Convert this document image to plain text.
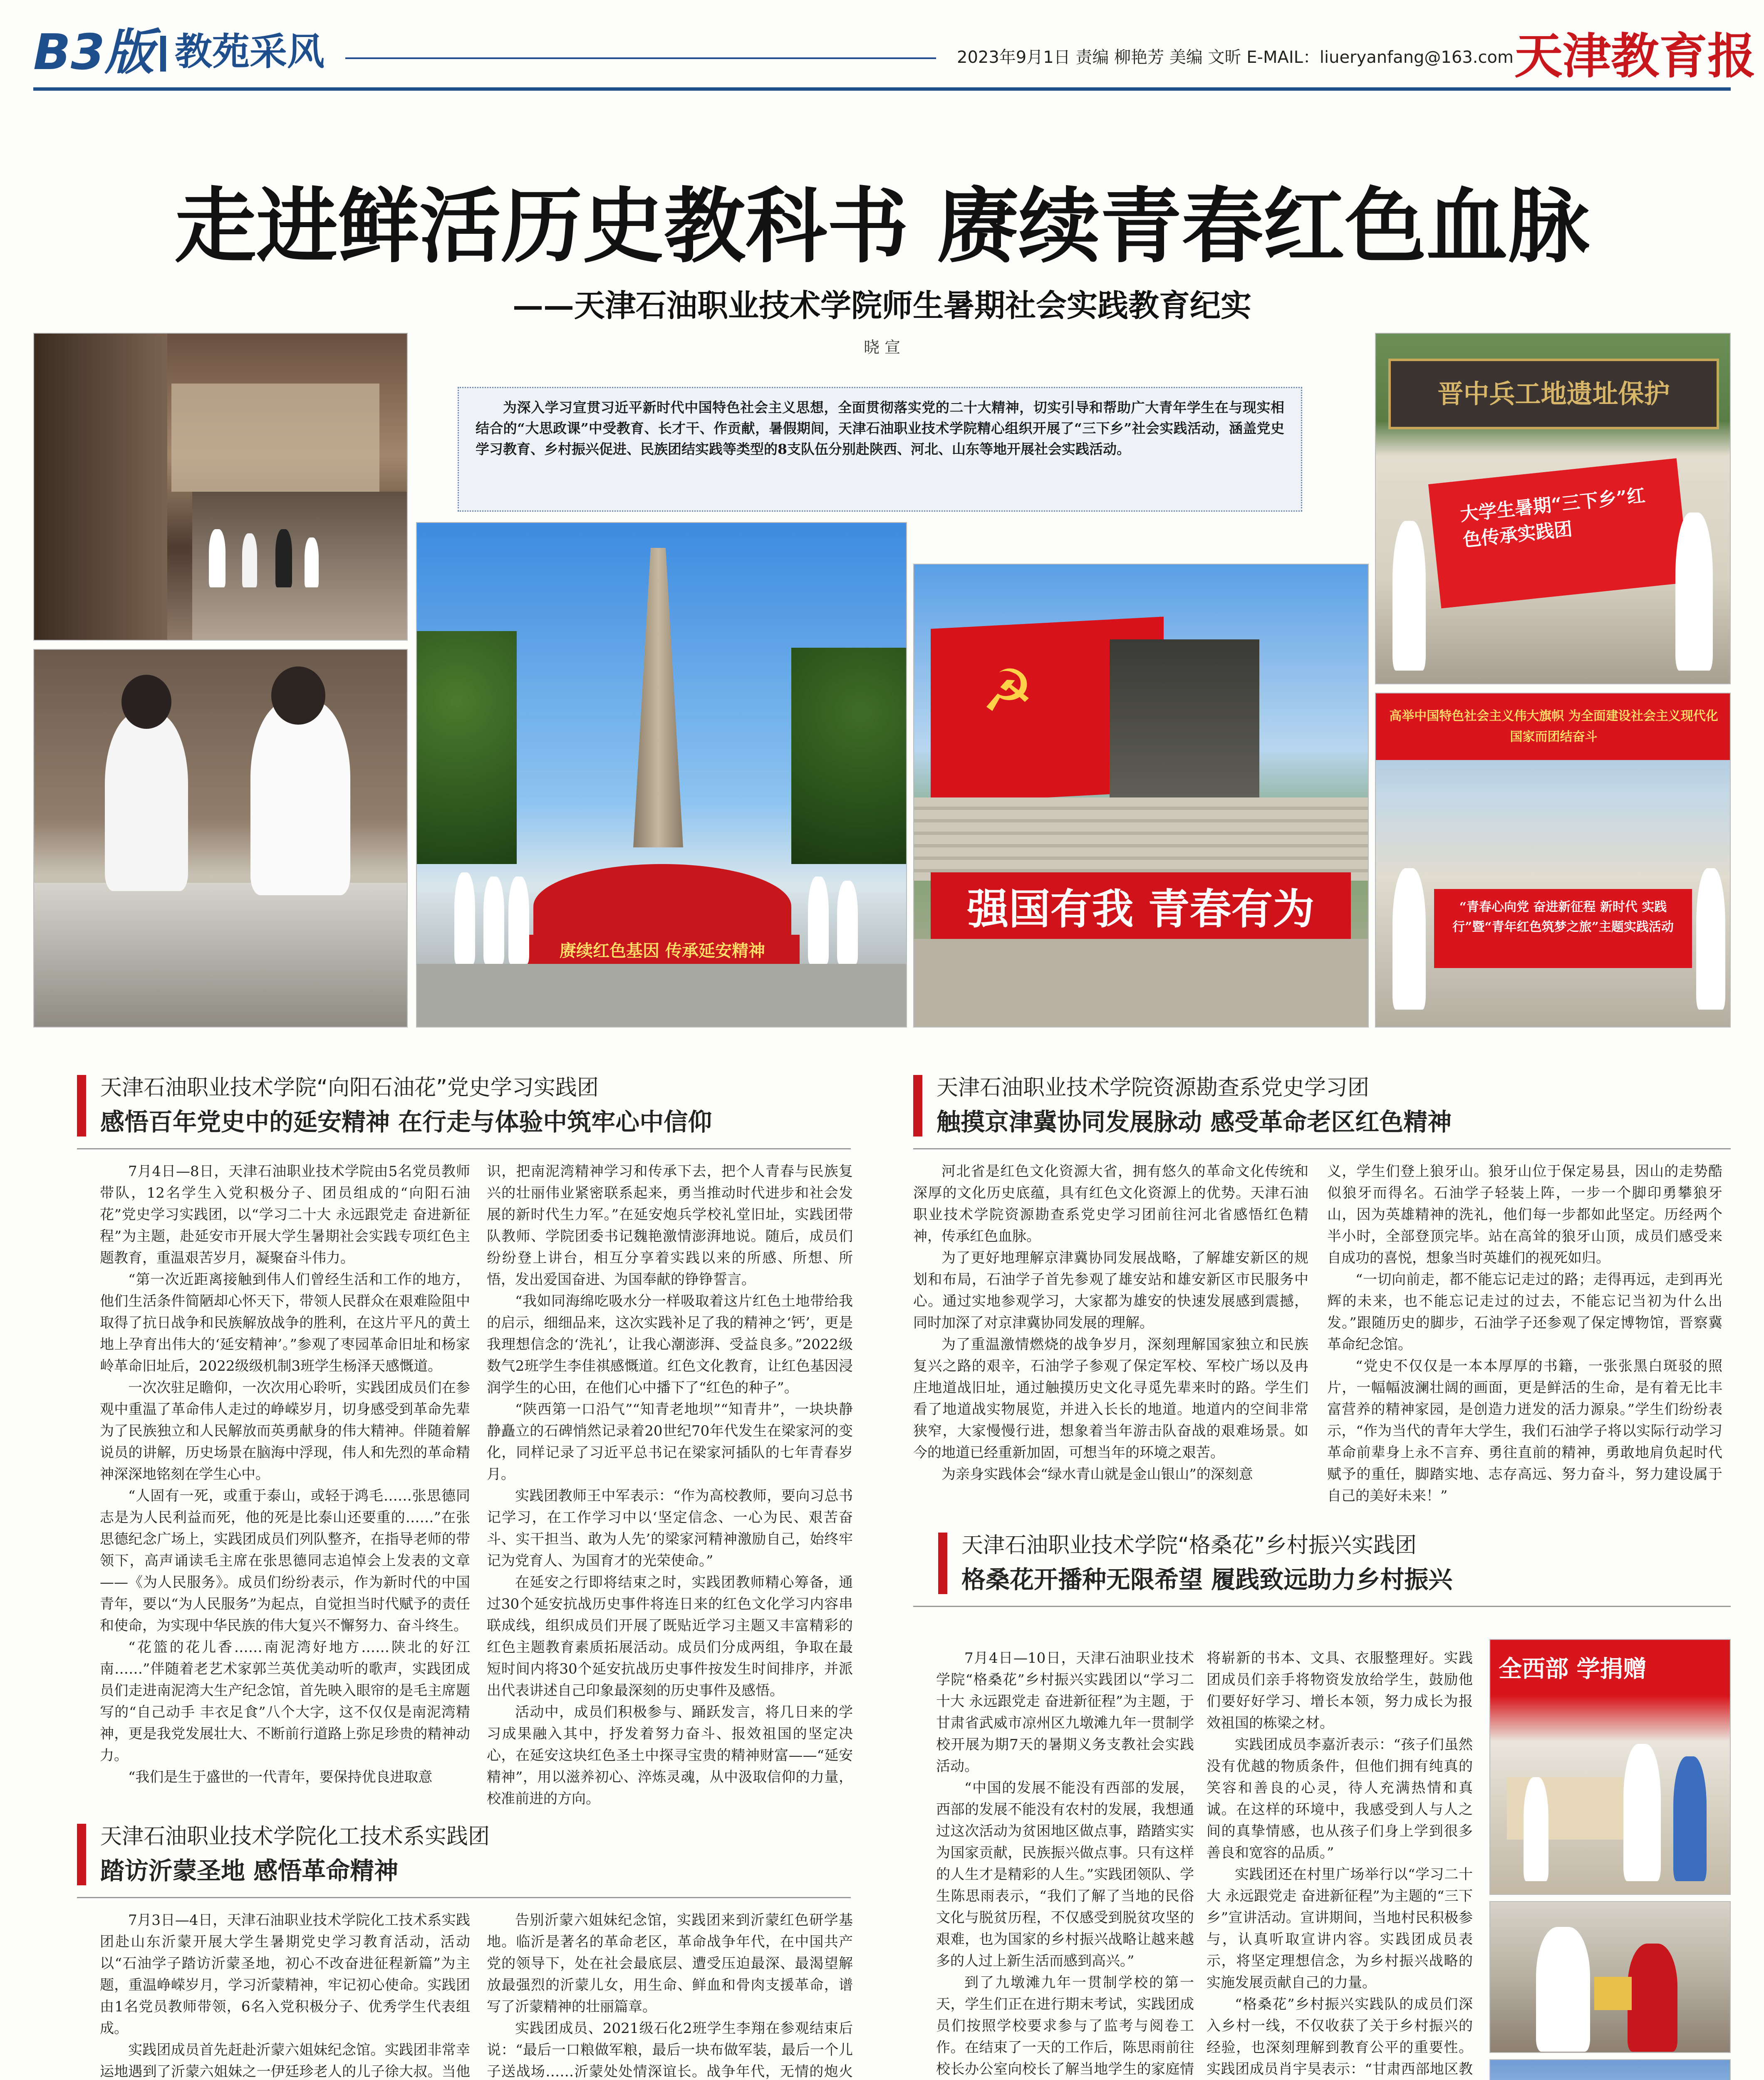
B3版 教苑采风	2023年9月1日 责编 柳艳芳 美编 文昕 E-MAIL：liueryanfang@163.com 天津教育报
走进鲜活历史教科书 赓续青春红色血脉
——天津石油职业技术学院师生暑期社会实践教育纪实
晓 宣
为深入学习宣贯习近平新时代中国特色社会主义思想，全面贯彻落实党的二十大精神，切实引导和帮助广大青年学生在与现实相结合的“大思政课”中受教育、长才干、作贡献，暑假期间，天津石油职业技术学院精心组织开展了“三下乡”社会实践活动，涵盖党史学习教育、乡村振兴促进、民族团结实践等类型的8支队伍分别赴陕西、河北、山东等地开展社会实践活动。
赓续红色基因 传承延安精神
☭
强国有我 青春有为
晋中兵工地遗址保护
大学生暑期“三下乡”红色传承实践团
高举中国特色社会主义伟大旗帜 为全面建设社会主义现代化国家而团结奋斗
“青春心向党 奋进新征程 新时代 实践行”暨“青年红色筑梦之旅”主题实践活动
天津石油职业技术学院“向阳石油花”党史学习实践团
感悟百年党史中的延安精神 在行走与体验中筑牢心中信仰

7月4日—8日，天津石油职业技术学院由5名党员教师带队，12名学生入党积极分子、团员组成的“向阳石油花”党史学习实践团，以“学习二十大 永远跟党走 奋进新征程”为主题，赴延安市开展大学生暑期社会实践专项红色主题教育，重温艰苦岁月，凝聚奋斗伟力。

“第一次近距离接触到伟人们曾经生活和工作的地方，他们生活条件简陋却心怀天下，带领人民群众在艰难险阻中取得了抗日战争和民族解放战争的胜利，在这片平凡的黄土地上孕育出伟大的‘延安精神’。”参观了枣园革命旧址和杨家岭革命旧址后，2022级级机制3班学生杨泽天感慨道。

一次次驻足瞻仰，一次次用心聆听，实践团成员们在参观中重温了革命伟人走过的峥嵘岁月，切身感受到革命先辈为了民族独立和人民解放而英勇献身的伟大精神。伴随着解说员的讲解，历史场景在脑海中浮现，伟人和先烈的革命精神深深地铭刻在学生心中。

“人固有一死，或重于泰山，或轻于鸿毛……张思德同志是为人民利益而死，他的死是比泰山还要重的……”在张思德纪念广场上，实践团成员们列队整齐，在指导老师的带领下，高声诵读毛主席在张思德同志追悼会上发表的文章——《为人民服务》。成员们纷纷表示，作为新时代的中国青年，要以“为人民服务”为起点，自觉担当时代赋予的责任和使命，为实现中华民族的伟大复兴不懈努力、奋斗终生。

“花篮的花儿香……南泥湾好地方……陕北的好江南……”伴随着老艺术家郭兰英优美动听的歌声，实践团成员们走进南泥湾大生产纪念馆，首先映入眼帘的是毛主席题写的“自己动手 丰衣足食”八个大字，这不仅仅是南泥湾精神，更是我党发展壮大、不断前行道路上弥足珍贵的精神动力。

“我们是生于盛世的一代青年，要保持优良进取意

识，把南泥湾精神学习和传承下去，把个人青春与民族复兴的壮丽伟业紧密联系起来，勇当推动时代进步和社会发展的新时代生力军。”在延安炮兵学校礼堂旧址，实践团带队教师、学院团委书记魏艳激情澎湃地说。随后，成员们纷纷登上讲台，相互分享着实践以来的所感、所想、所悟，发出爱国奋进、为国奉献的铮铮誓言。

“我如同海绵吃吸水分一样吸取着这片红色土地带给我的启示，细细品来，这次实践补足了我的精神之‘钙’，更是我理想信念的‘洗礼’，让我心潮澎湃、受益良多。”2022级数气2班学生李佳祺感慨道。红色文化教育，让红色基因浸润学生的心田，在他们心中播下了“红色的种子”。

“陕西第一口沿气”“知青老地坝”“知青井”，一块块静静矗立的石碑悄然记录着20世纪70年代发生在梁家河的变化，同样记录了习近平总书记在梁家河插队的七年青春岁月。

实践团教师王中军表示：“作为高校教师，要向习总书记学习，在工作学习中以‘坚定信念、一心为民、艰苦奋斗、实干担当、敢为人先’的梁家河精神激励自己，始终牢记为党育人、为国育才的光荣使命。”

在延安之行即将结束之时，实践团教师精心筹备，通过30个延安抗战历史事件将连日来的红色文化学习内容串联成线，组织成员们开展了既贴近学习主题又丰富精彩的红色主题教育素质拓展活动。成员们分成两组，争取在最短时间内将30个延安抗战历史事件按发生时间排序，并派出代表讲述自己印象最深刻的历史事件及感悟。

活动中，成员们积极参与、踊跃发言，将几日来的学习成果融入其中，抒发着努力奋斗、报效祖国的坚定决心，在延安这块红色圣土中探寻宝贵的精神财富——“延安精神”，用以滋养初心、淬炼灵魂，从中汲取信仰的力量，校准前进的方向。

天津石油职业技术学院化工技术系实践团
踏访沂蒙圣地 感悟革命精神

7月3日—4日，天津石油职业技术学院化工技术系实践团赴山东沂蒙开展大学生暑期党史学习教育活动，活动以“石油学子踏访沂蒙圣地，初心不改奋进征程新篇”为主题，重温峥嵘岁月，学习沂蒙精神，牢记初心使命。实践团由1名党员教师带领，6名入党积极分子、优秀学生代表组成。

实践团成员首先赶赴沂蒙六姐妹纪念馆。实践团非常幸运地遇到了沂蒙六姐妹之一伊廷珍老人的儿子徐大叔。当他

告别沂蒙六姐妹纪念馆，实践团来到沂蒙红色研学基地。临沂是著名的革命老区，革命战争年代，在中国共产党的领导下，处在社会最底层、遭受压迫最深、最渴望解放最强烈的沂蒙儿女，用生命、鲜血和骨肉支援革命，谱写了沂蒙精神的壮丽篇章。

实践团成员、2021级石化2班学生李翔在参观结束后说：“最后一口粮做军粮，最后一块布做军装，最后一个儿子送战场……沂蒙处处情深谊长。战争年代，无情的炮火

天津石油职业技术学院资源勘查系党史学习团
触摸京津冀协同发展脉动 感受革命老区红色精神

河北省是红色文化资源大省，拥有悠久的革命文化传统和深厚的文化历史底蕴，具有红色文化资源上的优势。天津石油职业技术学院资源勘查系党史学习团前往河北省感悟红色精神，传承红色血脉。

为了更好地理解京津冀协同发展战略，了解雄安新区的规划和布局，石油学子首先参观了雄安站和雄安新区市民服务中心。通过实地参观学习，大家都为雄安的快速发展感到震撼，同时加深了对京津冀协同发展的理解。

为了重温激情燃烧的战争岁月，深刻理解国家独立和民族复兴之路的艰辛，石油学子参观了保定军校、军校广场以及冉庄地道战旧址，通过触摸历史文化寻觅先辈来时的路。学生们看了地道战实物展览，并进入长长的地道。地道内的空间非常狭窄，大家慢慢行进，想象着当年游击队奋战的艰难场景。如今的地道已经重新加固，可想当年的环境之艰苦。

为亲身实践体会“绿水青山就是金山银山”的深刻意

义，学生们登上狼牙山。狼牙山位于保定易县，因山的走势酷似狼牙而得名。石油学子轻装上阵，一步一个脚印勇攀狼牙山，因为英雄精神的洗礼，他们每一步都如此坚定。历经两个半小时，全部登顶完毕。站在高耸的狼牙山顶，成员们感受来自成功的喜悦，想象当时英雄们的视死如归。

“一切向前走，都不能忘记走过的路；走得再远，走到再光辉的未来，也不能忘记走过的过去，不能忘记当初为什么出发。”跟随历史的脚步，石油学子还参观了保定博物馆，晋察冀革命纪念馆。

“党史不仅仅是一本本厚厚的书籍，一张张黑白斑驳的照片，一幅幅波澜壮阔的画面，更是鲜活的生命，是有着无比丰富营养的精神家园，是创造力迸发的活力源泉。”学生们纷纷表示，“作为当代的青年大学生，我们石油学子将以实际行动学习革命前辈身上永不言弃、勇往直前的精神，勇敢地肩负起时代赋予的重任，脚踏实地、志存高远、努力奋斗，努力建设属于自己的美好未来！”

天津石油职业技术学院“格桑花”乡村振兴实践团
格桑花开播种无限希望 履践致远助力乡村振兴

7月4日—10日，天津石油职业技术学院“格桑花”乡村振兴实践团以“学习二十大 永远跟党走 奋进新征程”为主题，于甘肃省武威市凉州区九墩滩九年一贯制学校开展为期7天的暑期义务支教社会实践活动。

“中国的发展不能没有西部的发展，西部的发展不能没有农村的发展，我想通过这次活动为贫困地区做点事，踏踏实实为国家贡献，民族振兴做点事。只有这样的人生才是精彩的人生。”实践团领队、学生陈思雨表示，“我们了解了当地的民俗文化与脱贫历程，不仅感受到脱贫攻坚的艰难，也为国家的乡村振兴战略让越来越多的人过上新生活而感到高兴。”

到了九墩滩九年一贯制学校的第一天，学生们正在进行期末考试，实践团成员们按照学校要求参与了监考与阅卷工作。在结束了一天的工作后，陈思雨前往校长办公室向校长了解当地学生的家庭情

将崭新的书本、文具、衣服整理好。实践团成员们亲手将物资发放给学生，鼓励他们要好好学习、增长本领，努力成长为报效祖国的栋梁之材。

实践团成员李嘉沂表示：“孩子们虽然没有优越的物质条件，但他们拥有纯真的笑容和善良的心灵，待人充满热情和真诚。在这样的环境中，我感受到人与人之间的真挚情感，也从孩子们身上学到很多善良和宽容的品质。”

实践团还在村里广场举行以“学习二十大 永远跟党走 奋进新征程”为主题的“三下乡”宣讲活动。宣讲期间，当地村民积极参与，认真听取宣讲内容。实践团成员表示，将坚定理想信念，为乡村振兴战略的实施发展贡献自己的力量。

“格桑花”乡村振兴实践队的成员们深入乡村一线，不仅收获了关于乡村振兴的经验，也深刻理解到教育公平的重要性。实践团成员肖宇昊表示：“甘肃西部地区教

全西部 学捐赠
